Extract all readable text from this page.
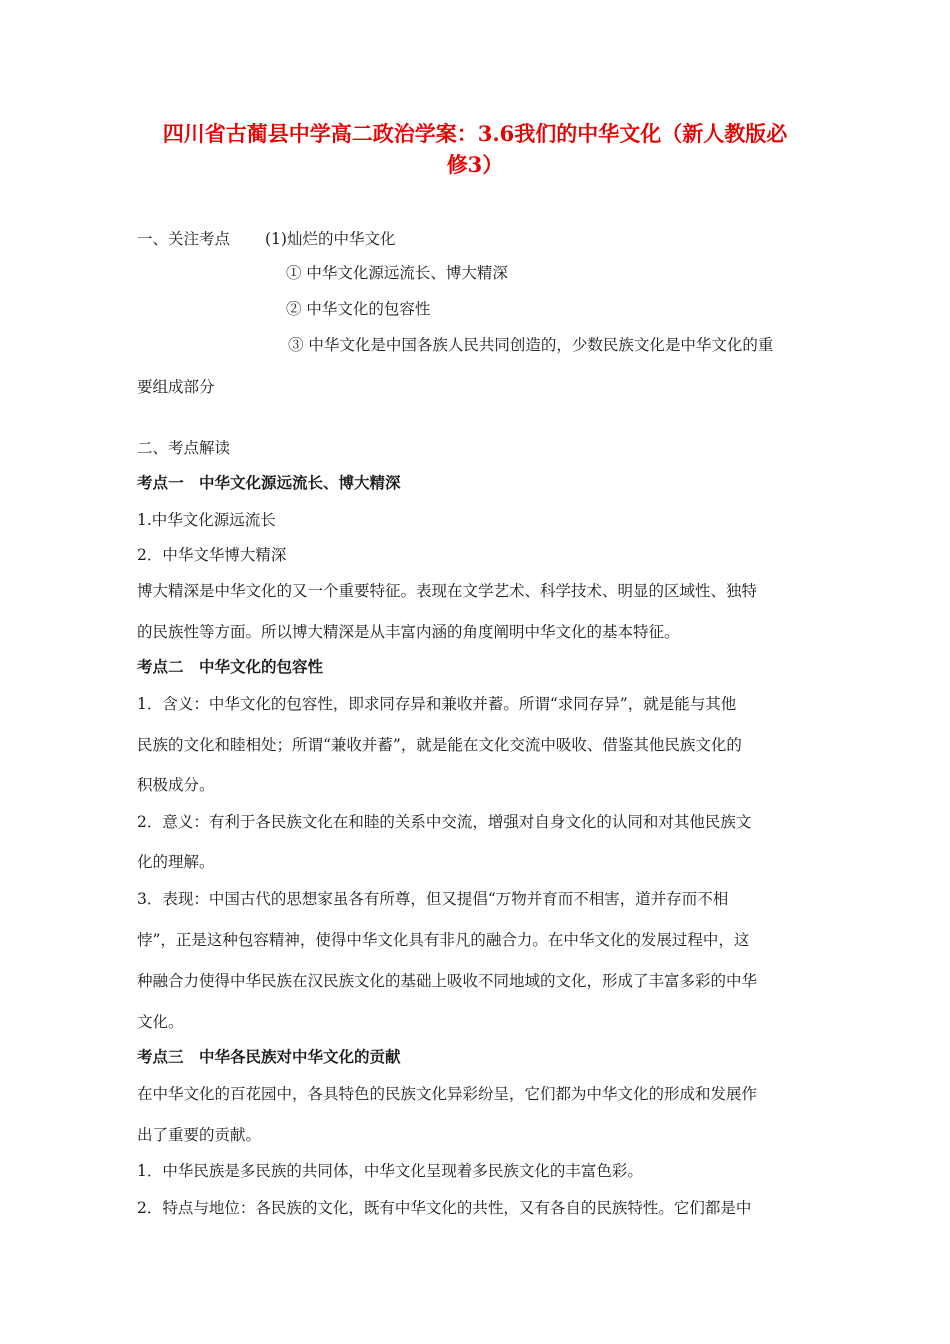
四川省古蔺县中学高二政治学案：3.6我们的中华文化（新人教版必
修3）
一、关注考点 (1)灿烂的中华文化
① 中华文化源远流长、博大精深
② 中华文化的包容性
③ 中华文化是中国各族人民共同创造的，少数民族文化是中华文化的重
要组成部分
二、考点解读
考点一　中华文化源远流长、博大精深
1.中华文化源远流长
2．中华文华博大精深
博大精深是中华文化的又一个重要特征。表现在文学艺术、科学技术、明显的区域性、独特
的民族性等方面。所以博大精深是从丰富内涵的角度阐明中华文化的基本特征。
考点二　中华文化的包容性
1．含义：中华文化的包容性，即求同存异和兼收并蓄。所谓“求同存异”，就是能与其他
民族的文化和睦相处；所谓“兼收并蓄”，就是能在文化交流中吸收、借鉴其他民族文化的
积极成分。
2．意义：有利于各民族文化在和睦的关系中交流，增强对自身文化的认同和对其他民族文
化的理解。
3．表现：中国古代的思想家虽各有所尊，但又提倡“万物并育而不相害，道并存而不相
悖”，正是这种包容精神，使得中华文化具有非凡的融合力。在中华文化的发展过程中，这
种融合力使得中华民族在汉民族文化的基础上吸收不同地域的文化，形成了丰富多彩的中华
文化。
考点三　中华各民族对中华文化的贡献
在中华文化的百花园中，各具特色的民族文化异彩纷呈，它们都为中华文化的形成和发展作
出了重要的贡献。
1．中华民族是多民族的共同体，中华文化呈现着多民族文化的丰富色彩。
2．特点与地位：各民族的文化，既有中华文化的共性，又有各自的民族特性。它们都是中
